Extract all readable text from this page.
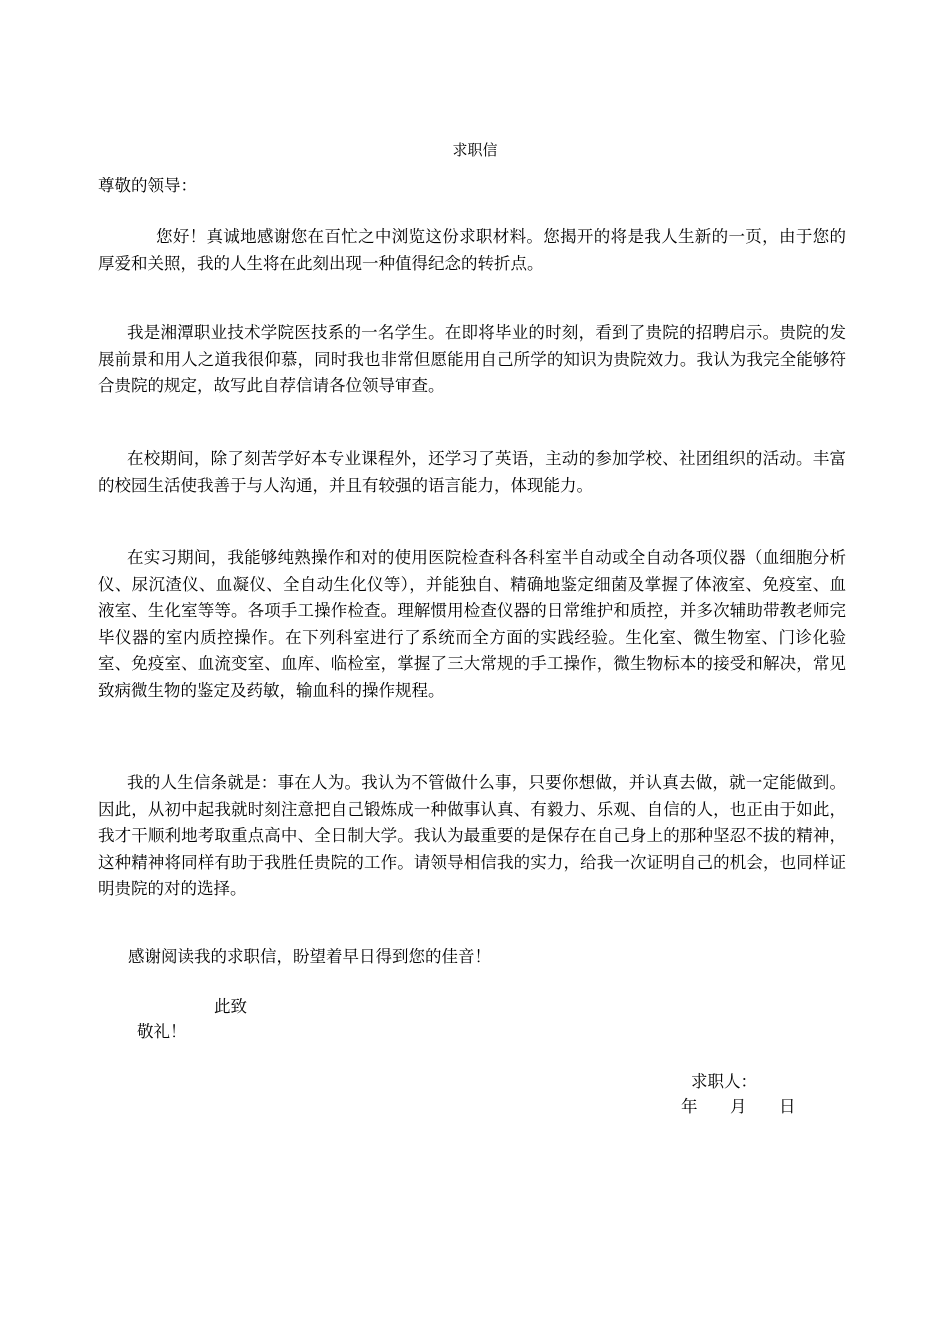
求职信
尊敬的领导：
您好！真诚地感谢您在百忙之中浏览这份求职材料。您揭开的将是我人生新的一页，由于您的厚爱和关照，我的人生将在此刻出现一种值得纪念的转折点。
我是湘潭职业技术学院医技系的一名学生。在即将毕业的时刻，看到了贵院的招聘启示。贵院的发展前景和用人之道我很仰慕，同时我也非常但愿能用自己所学的知识为贵院效力。我认为我完全能够符合贵院的规定，故写此自荐信请各位领导审查。
在校期间，除了刻苦学好本专业课程外，还学习了英语，主动的参加学校、社团组织的活动。丰富的校园生活使我善于与人沟通，并且有较强的语言能力，体现能力。
在实习期间，我能够纯熟操作和对的使用医院检查科各科室半自动或全自动各项仪器（血细胞分析仪、尿沉渣仪、血凝仪、全自动生化仪等），并能独自、精确地鉴定细菌及掌握了体液室、免疫室、血液室、生化室等等。各项手工操作检查。理解惯用检查仪器的日常维护和质控，并多次辅助带教老师完毕仪器的室内质控操作。在下列科室进行了系统而全方面的实践经验。生化室、微生物室、门诊化验室、免疫室、血流变室、血库、临检室，掌握了三大常规的手工操作，微生物标本的接受和解决，常见致病微生物的鉴定及药敏，输血科的操作规程。
我的人生信条就是：事在人为。我认为不管做什么事，只要你想做，并认真去做，就一定能做到。因此，从初中起我就时刻注意把自己锻炼成一种做事认真、有毅力、乐观、自信的人，也正由于如此，我才干顺利地考取重点高中、全日制大学。我认为最重要的是保存在自己身上的那种坚忍不拔的精神，这种精神将同样有助于我胜任贵院的工作。请领导相信我的实力，给我一次证明自己的机会，也同样证明贵院的对的选择。
感谢阅读我的求职信，盼望着早日得到您的佳音！
此致
敬礼！
求职人：
年 月 日
